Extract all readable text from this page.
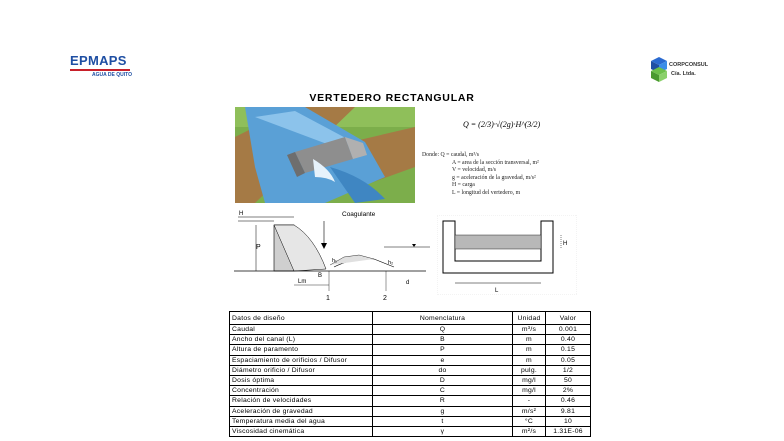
EPMAPS
AGUA DE QUITO
CORPCONSUL
Cía. Ltda.
VERTEDERO RECTANGULAR
Q = (2/3)·√(2g)·H^(3/2)
Donde: Q = caudal, m³/s
A = area de la sección transversal, m²
V = velocidad, m/s
g = aceleración de la gravedad, m/s²
H = carga
L = longitud del vertedero, m
Coagulante
H
P
B
h₁	h₂
Lm	d
1	2
H
L
Datos de diseño	Nomenclatura	Unidad	Valor
Caudal	Q	m³/s	0.001
Ancho del canal (L)	B	m	0.40
Altura de paramento	P	m	0.15
Espaciamiento de orificios / Difusor	e	m	0.05
Diámetro orificio / Difusor	do	pulg.	1/2
Dosis óptima	D	mg/l	50
Concentración	C	mg/l	2%
Relación de velocidades	R	-	0.46
Aceleración de gravedad	g	m/s²	9.81
Temperatura media del agua	t	°C	10
Viscosidad cinemática	γ	m²/s	1.31E-06
